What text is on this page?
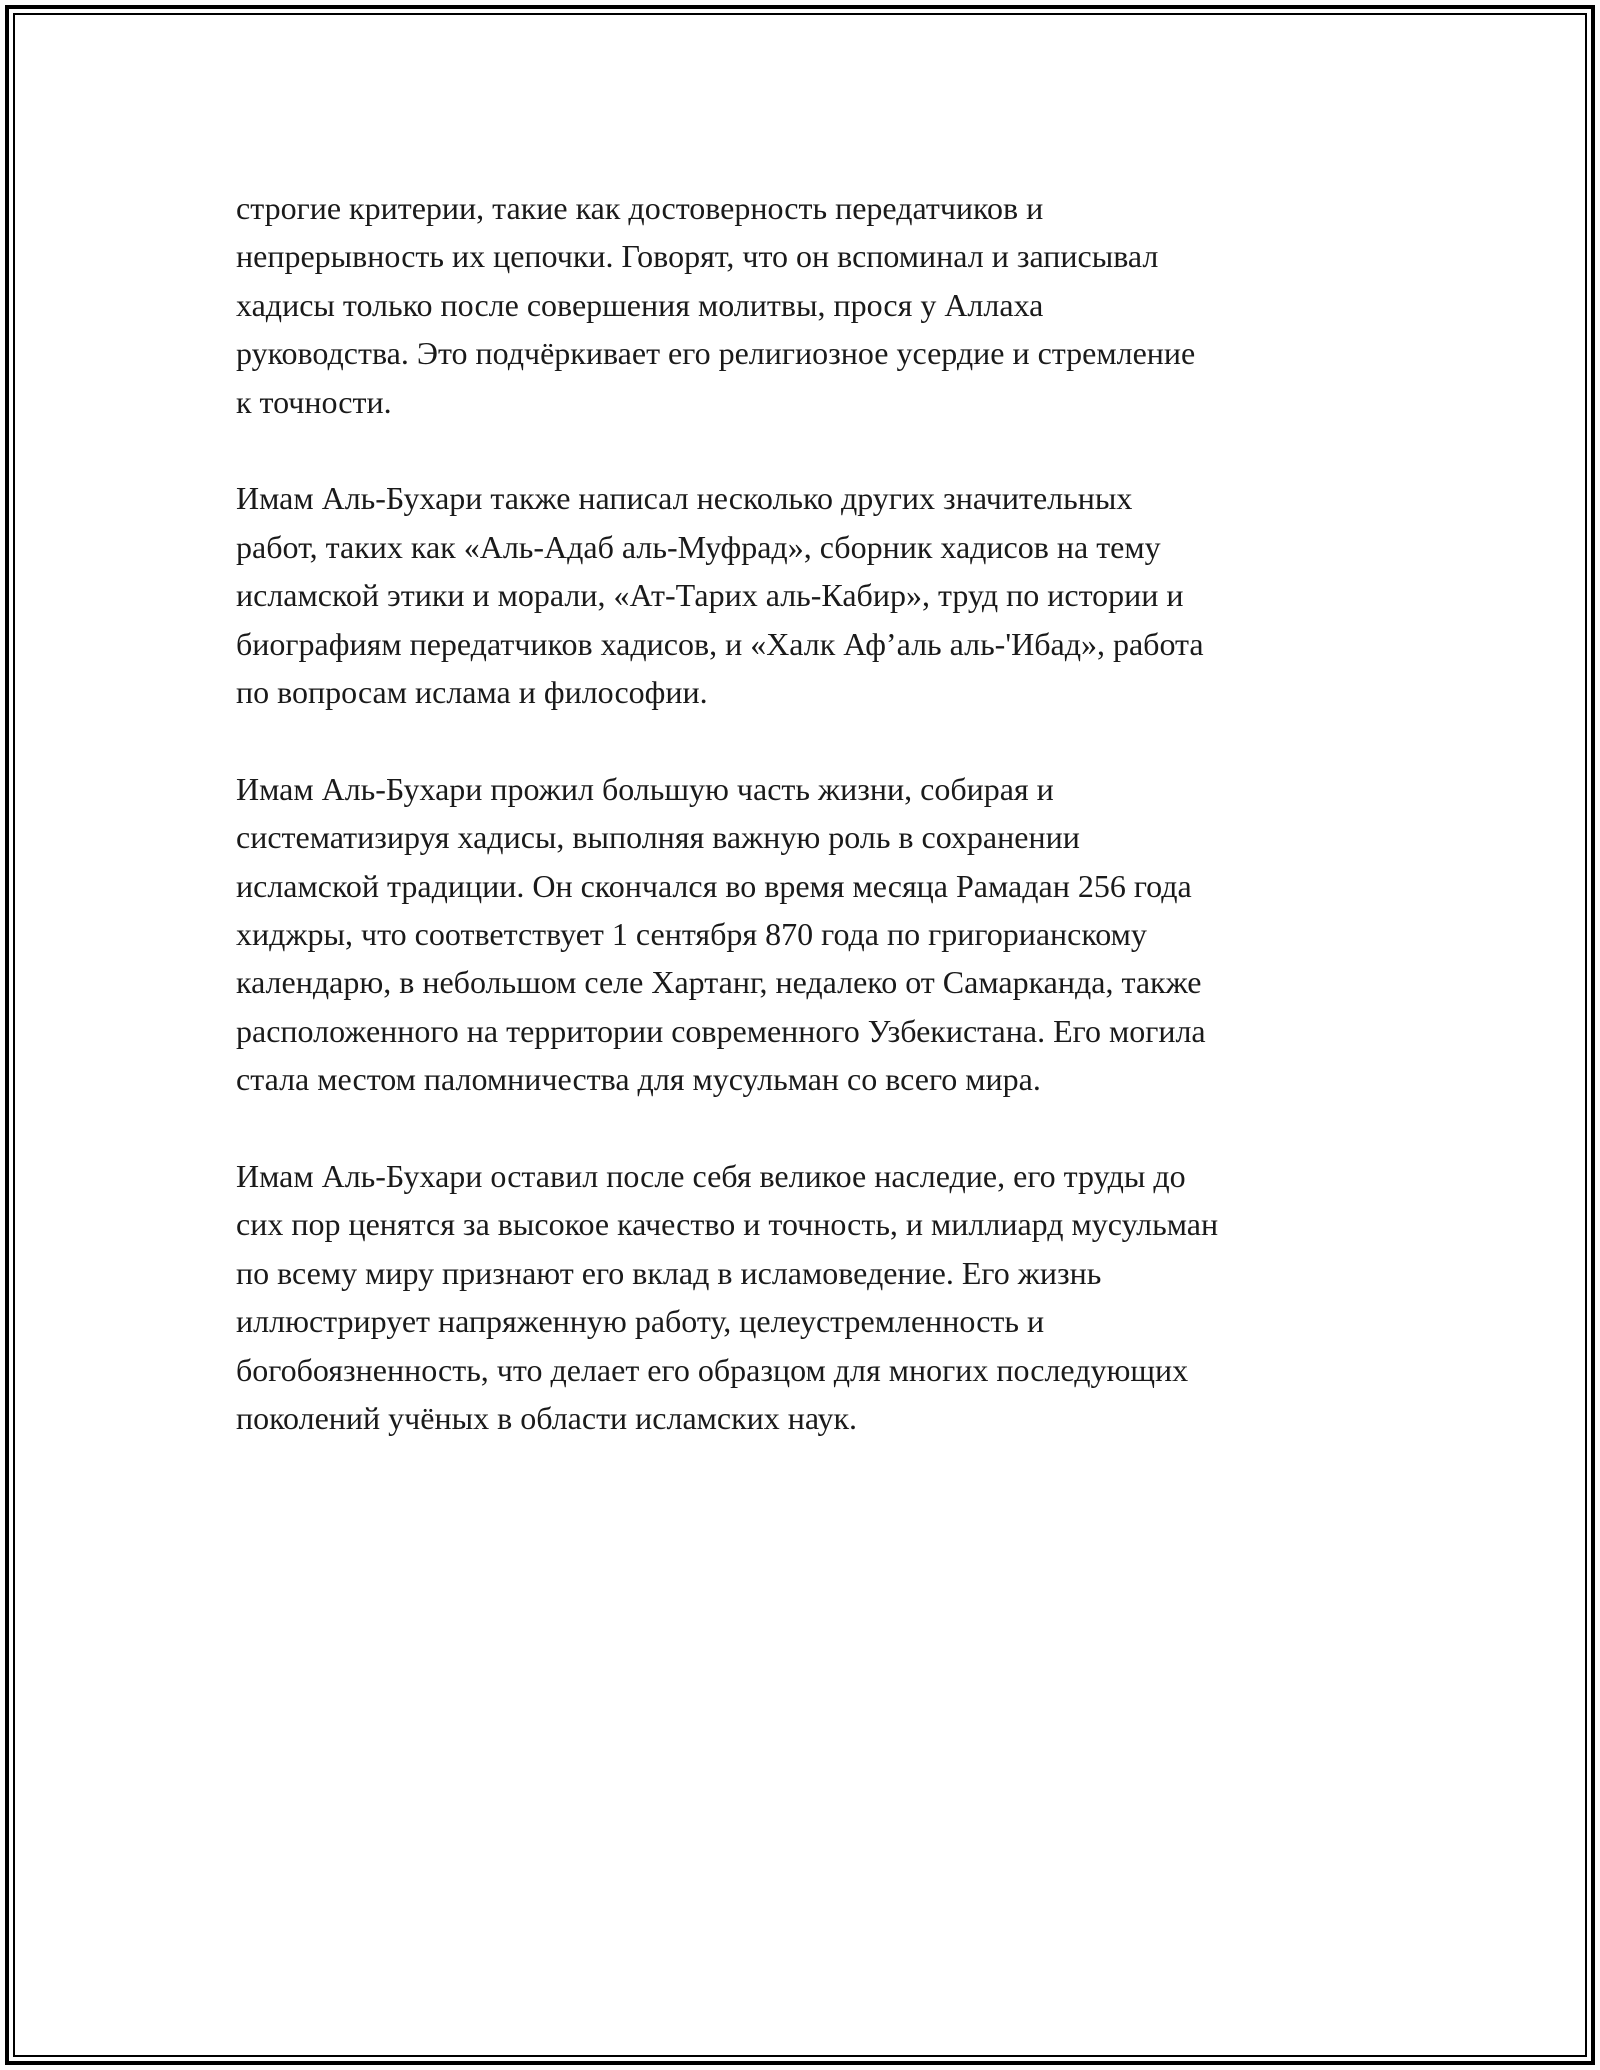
строгие критерии, такие как достоверность передатчиков и
непрерывность их цепочки. Говорят, что он вспоминал и записывал
хадисы только после совершения молитвы, прося у Аллаха
руководства. Это подчёркивает его религиозное усердие и стремление
к точности.

Имам Аль-Бухари также написал несколько других значительных
работ, таких как «Аль-Адаб аль-Муфрад», сборник хадисов на тему
исламской этики и морали, «Ат-Тарих аль-Кабир», труд по истории и
биографиям передатчиков хадисов, и «Халк Аф’аль аль-'Ибад», работа
по вопросам ислама и философии.

Имам Аль-Бухари прожил большую часть жизни, собирая и
систематизируя хадисы, выполняя важную роль в сохранении
исламской традиции. Он скончался во время месяца Рамадан 256 года
хиджры, что соответствует 1 сентября 870 года по григорианскому
календарю, в небольшом селе Хартанг, недалеко от Самарканда, также
расположенного на территории современного Узбекистана. Его могила
стала местом паломничества для мусульман со всего мира.

Имам Аль-Бухари оставил после себя великое наследие, его труды до
сих пор ценятся за высокое качество и точность, и миллиард мусульман
по всему миру признают его вклад в исламоведение. Его жизнь
иллюстрирует напряженную работу, целеустремленность и
богобоязненность, что делает его образцом для многих последующих
поколений учёных в области исламских наук.
